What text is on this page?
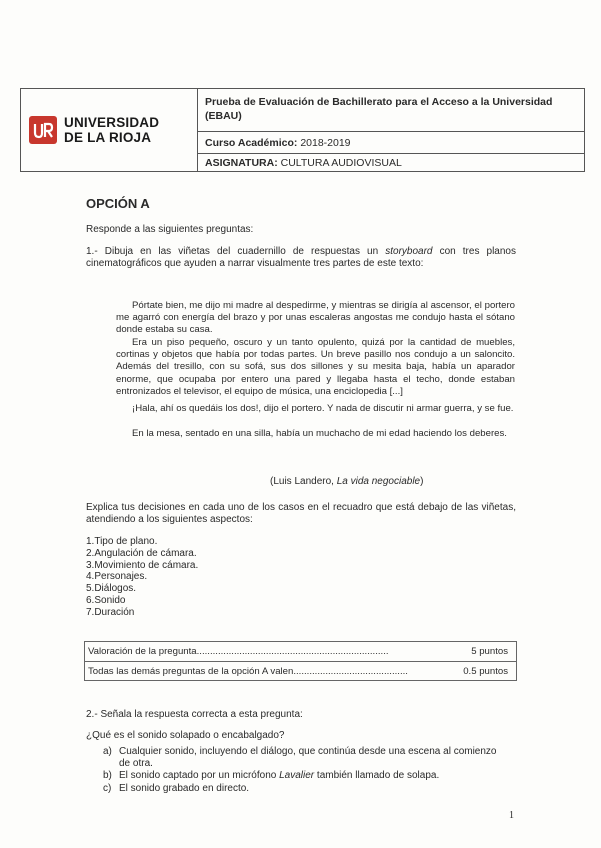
UNIVERSIDAD
DE LA RIOJA
Prueba de Evaluación de Bachillerato para el Acceso a la Universidad (EBAU)
Curso Académico: 2018-2019
ASIGNATURA: CULTURA AUDIOVISUAL
OPCIÓN A
Responde a las siguientes preguntas:
1.- Dibuja en las viñetas del cuadernillo de respuestas un storyboard con tres planos cinematográficos que ayuden a narrar visualmente tres partes de este texto:
Pórtate bien, me dijo mi madre al despedirme, y mientras se dirigía al ascensor, el portero me agarró con energía del brazo y por unas escaleras angostas me condujo hasta el sótano donde estaba su casa.
Era un piso pequeño, oscuro y un tanto opulento, quizá por la cantidad de muebles, cortinas y objetos que había por todas partes. Un breve pasillo nos condujo a un saloncito. Además del tresillo, con su sofá, sus dos sillones y su mesita baja, había un aparador enorme, que ocupaba por entero una pared y llegaba hasta el techo, donde estaban entronizados el televisor, el equipo de música, una enciclopedia [...]
¡Hala, ahí os quedáis los dos!, dijo el portero. Y nada de discutir ni armar guerra, y se fue.
En la mesa, sentado en una silla, había un muchacho de mi edad haciendo los deberes.
(Luis Landero, La vida negociable)
Explica tus decisiones en cada uno de los casos en el recuadro que está debajo de las viñetas, atendiendo a los siguientes aspectos:
1.Tipo de plano.
2.Angulación de cámara.
3.Movimiento de cámara.
4.Personajes.
5.Diálogos.
6.Sonido
7.Duración
Valoración de la pregunta........................................................................	5 puntos
Todas las demás preguntas de la opción A valen...........................................	0.5 puntos
2.- Señala la respuesta correcta a esta pregunta:
¿Qué es el sonido solapado o encabalgado?
a) Cualquier sonido, incluyendo el diálogo, que continúa desde una escena al comienzo de otra.
b) El sonido captado por un micrófono Lavalier también llamado de solapa.
c) El sonido grabado en directo.
1
